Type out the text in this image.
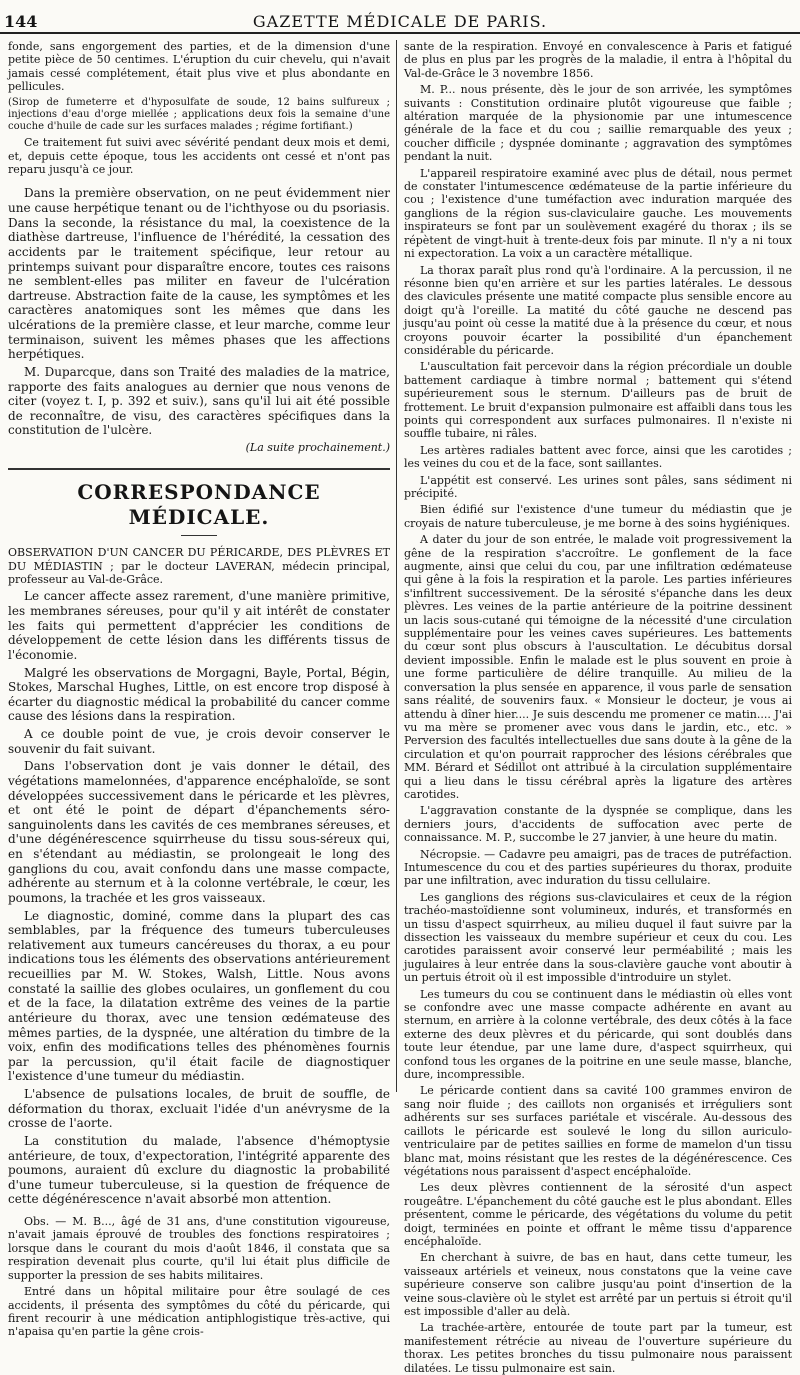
144	GAZETTE MÉDICALE DE PARIS.

fonde, sans engorgement des parties, et de la dimension d'une petite pièce de 50 centimes. L'éruption du cuir chevelu, qui n'avait jamais cessé complétement, était plus vive et plus abondante en pellicules.

(Sirop de fumeterre et d'hyposulfate de soude, 12 bains sulfureux ; injections d'eau d'orge miellée ; applications deux fois la semaine d'une couche d'huile de cade sur les surfaces malades ; régime fortifiant.)

Ce traitement fut suivi avec sévérité pendant deux mois et demi, et, depuis cette époque, tous les accidents ont cessé et n'ont pas reparu jusqu'à ce jour.

Dans la première observation, on ne peut évidemment nier une cause herpétique tenant ou de l'ichthyose ou du psoriasis. Dans la seconde, la résistance du mal, la coexistence de la diathèse dartreuse, l'influence de l'hérédité, la cessation des accidents par le traitement spécifique, leur retour au printemps suivant pour disparaître encore, toutes ces raisons ne semblent-elles pas militer en faveur de l'ulcération dartreuse. Abstraction faite de la cause, les symptômes et les caractères anatomiques sont les mêmes que dans les ulcérations de la première classe, et leur marche, comme leur terminaison, suivent les mêmes phases que les affections herpétiques.

M. Duparcque, dans son Traité des maladies de la matrice, rapporte des faits analogues au dernier que nous venons de citer (voyez t. I, p. 392 et suiv.), sans qu'il lui ait été possible de reconnaître, de visu, des caractères spécifiques dans la constitution de l'ulcère.

(La suite prochainement.)

CORRESPONDANCE MÉDICALE.

OBSERVATION D'UN CANCER DU PÉRICARDE, DES PLÈVRES ET DU MÉDIASTIN ; par le docteur LAVERAN, médecin principal, professeur au Val-de-Grâce.

Le cancer affecte assez rarement, d'une manière primitive, les membranes séreuses, pour qu'il y ait intérêt de constater les faits qui permettent d'apprécier les conditions de développement de cette lésion dans les différents tissus de l'économie.

Malgré les observations de Morgagni, Bayle, Portal, Bégin, Stokes, Marschal Hughes, Little, on est encore trop disposé à écarter du diagnostic médical la probabilité du cancer comme cause des lésions dans la respiration.

A ce double point de vue, je crois devoir conserver le souvenir du fait suivant.

Dans l'observation dont je vais donner le détail, des végétations mamelonnées, d'apparence encéphaloïde, se sont développées successivement dans le péricarde et les plèvres, et ont été le point de départ d'épanchements séro-sanguinolents dans les cavités de ces membranes séreuses, et d'une dégénérescence squirrheuse du tissu sous-séreux qui, en s'étendant au médiastin, se prolongeait le long des ganglions du cou, avait confondu dans une masse compacte, adhérente au sternum et à la colonne vertébrale, le cœur, les poumons, la trachée et les gros vaisseaux.

Le diagnostic, dominé, comme dans la plupart des cas semblables, par la fréquence des tumeurs tuberculeuses relativement aux tumeurs cancéreuses du thorax, a eu pour indications tous les éléments des observations antérieurement recueillies par M. W. Stokes, Walsh, Little. Nous avons constaté la saillie des globes oculaires, un gonflement du cou et de la face, la dilatation extrême des veines de la partie antérieure du thorax, avec une tension œdémateuse des mêmes parties, de la dyspnée, une altération du timbre de la voix, enfin des modifications telles des phénomènes fournis par la percussion, qu'il était facile de diagnostiquer l'existence d'une tumeur du médiastin.

L'absence de pulsations locales, de bruit de souffle, de déformation du thorax, excluait l'idée d'un anévrysme de la crosse de l'aorte.

La constitution du malade, l'absence d'hémoptysie antérieure, de toux, d'expectoration, l'intégrité apparente des poumons, auraient dû exclure du diagnostic la probabilité d'une tumeur tuberculeuse, si la question de fréquence de cette dégénérescence n'avait absorbé mon attention.

Obs. — M. B..., âgé de 31 ans, d'une constitution vigoureuse, n'avait jamais éprouvé de troubles des fonctions respiratoires ; lorsque dans le courant du mois d'août 1846, il constata que sa respiration devenait plus courte, qu'il lui était plus difficile de supporter la pression de ses habits militaires.

Entré dans un hôpital militaire pour être soulagé de ces accidents, il présenta des symptômes du côté du péricarde, qui firent recourir à une médication antiphlogistique très-active, qui n'apaisa qu'en partie la gêne crois-

sante de la respiration. Envoyé en convalescence à Paris et fatigué de plus en plus par les progrès de la maladie, il entra à l'hôpital du Val-de-Grâce le 3 novembre 1856.

M. P... nous présente, dès le jour de son arrivée, les symptômes suivants : Constitution ordinaire plutôt vigoureuse que faible ; altération marquée de la physionomie par une intumescence générale de la face et du cou ; saillie remarquable des yeux ; coucher difficile ; dyspnée dominante ; aggravation des symptômes pendant la nuit.

L'appareil respiratoire examiné avec plus de détail, nous permet de constater l'intumescence œdémateuse de la partie inférieure du cou ; l'existence d'une tuméfaction avec induration marquée des ganglions de la région sus-claviculaire gauche. Les mouvements inspirateurs se font par un soulèvement exagéré du thorax ; ils se répètent de vingt-huit à trente-deux fois par minute. Il n'y a ni toux ni expectoration. La voix a un caractère métallique.

La thorax paraît plus rond qu'à l'ordinaire. A la percussion, il ne résonne bien qu'en arrière et sur les parties latérales. Le dessous des clavicules présente une matité compacte plus sensible encore au doigt qu'à l'oreille. La matité du côté gauche ne descend pas jusqu'au point où cesse la matité due à la présence du cœur, et nous croyons pouvoir écarter la possibilité d'un épanchement considérable du péricarde.

L'auscultation fait percevoir dans la région précordiale un double battement cardiaque à timbre normal ; battement qui s'étend supérieurement sous le sternum. D'ailleurs pas de bruit de frottement. Le bruit d'expansion pulmonaire est affaibli dans tous les points qui correspondent aux surfaces pulmonaires. Il n'existe ni souffle tubaire, ni râles.

Les artères radiales battent avec force, ainsi que les carotides ; les veines du cou et de la face, sont saillantes.

L'appétit est conservé. Les urines sont pâles, sans sédiment ni précipité.

Bien édifié sur l'existence d'une tumeur du médiastin que je croyais de nature tuberculeuse, je me borne à des soins hygiéniques.

A dater du jour de son entrée, le malade voit progressivement la gêne de la respiration s'accroître. Le gonflement de la face augmente, ainsi que celui du cou, par une infiltration œdémateuse qui gêne à la fois la respiration et la parole. Les parties inférieures s'infiltrent successivement. De la sérosité s'épanche dans les deux plèvres. Les veines de la partie antérieure de la poitrine dessinent un lacis sous-cutané qui témoigne de la nécessité d'une circulation supplémentaire pour les veines caves supérieures. Les battements du cœur sont plus obscurs à l'auscultation. Le décubitus dorsal devient impossible. Enfin le malade est le plus souvent en proie à une forme particulière de délire tranquille. Au milieu de la conversation la plus sensée en apparence, il vous parle de sensation sans réalité, de souvenirs faux. « Monsieur le docteur, je vous ai attendu à dîner hier.... Je suis descendu me promener ce matin.... J'ai vu ma mère se promener avec vous dans le jardin, etc., etc. » Perversion des facultés intellectuelles due sans doute à la gêne de la circulation et qu'on pourrait rapprocher des lésions cérébrales que MM. Bérard et Sédillot ont attribué à la circulation supplémentaire qui a lieu dans le tissu cérébral après la ligature des artères carotides.

L'aggravation constante de la dyspnée se complique, dans les derniers jours, d'accidents de suffocation avec perte de connaissance. M. P., succombe le 27 janvier, à une heure du matin.

Nécropsie. — Cadavre peu amaigri, pas de traces de putréfaction. Intumescence du cou et des parties supérieures du thorax, produite par une infiltration, avec induration du tissu cellulaire.

Les ganglions des régions sus-claviculaires et ceux de la région trachéo-mastoïdienne sont volumineux, indurés, et transformés en un tissu d'aspect squirrheux, au milieu duquel il faut suivre par la dissection les vaisseaux du membre supérieur et ceux du cou. Les carotides paraissent avoir conservé leur perméabilité ; mais les jugulaires à leur entrée dans la sous-clavière gauche vont aboutir à un pertuis étroit où il est impossible d'introduire un stylet.

Les tumeurs du cou se continuent dans le médiastin où elles vont se confondre avec une masse compacte adhérente en avant au sternum, en arrière à la colonne vertébrale, des deux côtés à la face externe des deux plèvres et du péricarde, qui sont doublés dans toute leur étendue, par une lame dure, d'aspect squirrheux, qui confond tous les organes de la poitrine en une seule masse, blanche, dure, incompressible.

Le péricarde contient dans sa cavité 100 grammes environ de sang noir fluide ; des caillots non organisés et irréguliers sont adhérents sur ses surfaces pariétale et viscérale. Au-dessous des caillots le péricarde est soulevé le long du sillon auriculo-ventriculaire par de petites saillies en forme de mamelon d'un tissu blanc mat, moins résistant que les restes de la dégénérescence. Ces végétations nous paraissent d'aspect encéphaloïde.

Les deux plèvres contiennent de la sérosité d'un aspect rougeâtre. L'épanchement du côté gauche est le plus abondant. Elles présentent, comme le péricarde, des végétations du volume du petit doigt, terminées en pointe et offrant le même tissu d'apparence encéphaloïde.

En cherchant à suivre, de bas en haut, dans cette tumeur, les vaisseaux artériels et veineux, nous constatons que la veine cave supérieure conserve son calibre jusqu'au point d'insertion de la veine sous-clavière où le stylet est arrêté par un pertuis si étroit qu'il est impossible d'aller au delà.

La trachée-artère, entourée de toute part par la tumeur, est manifestement rétrécie au niveau de l'ouverture supérieure du thorax. Les petites bronches du tissu pulmonaire nous paraissent dilatées. Le tissu pulmonaire est sain.
